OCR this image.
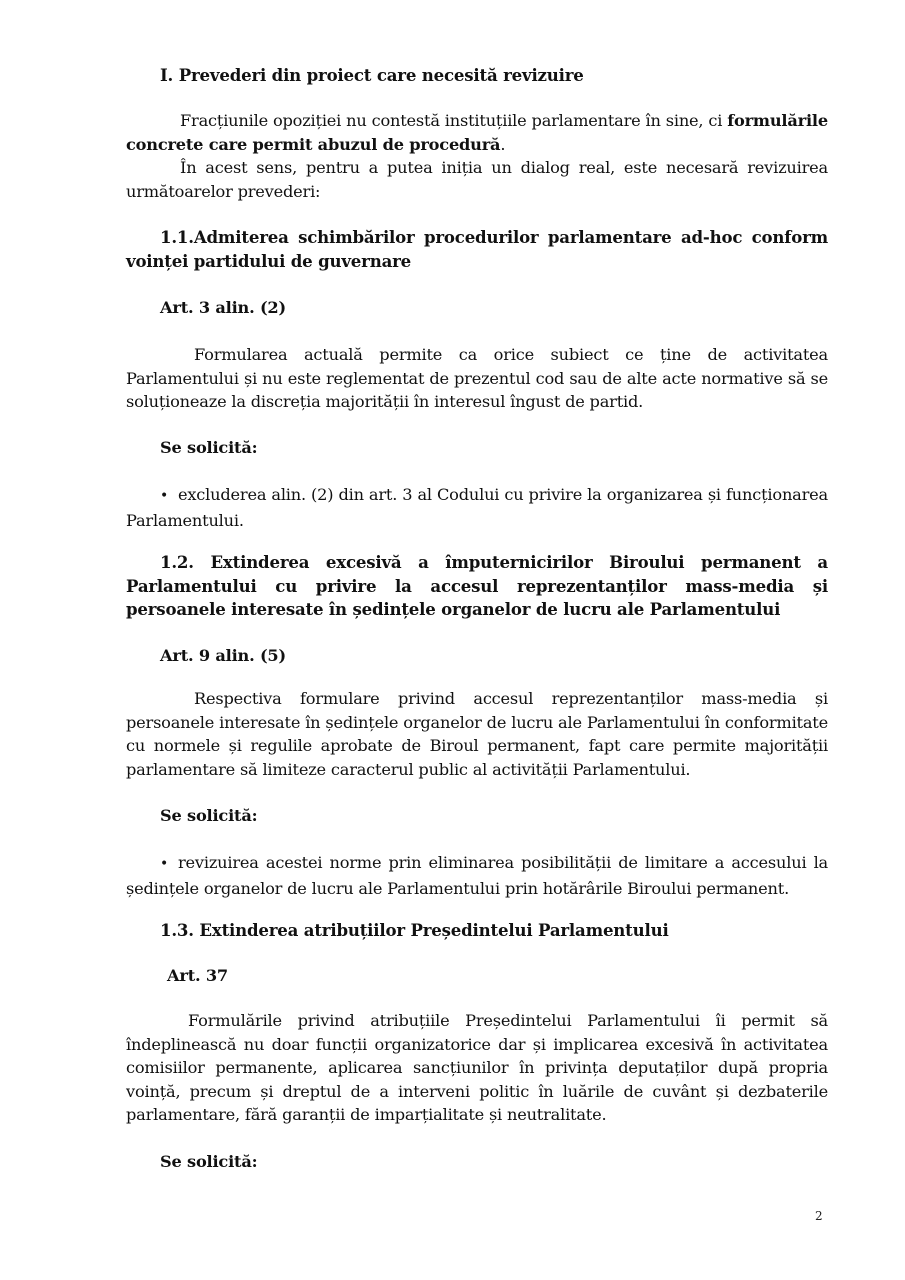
I. Prevederi din proiect care necesită revizuire
Fracțiunile opoziției nu contestă instituțiile parlamentare în sine, ci formulările concrete care permit abuzul de procedură.
În acest sens, pentru a putea iniția un dialog real, este necesară revizuirea următoarelor prevederi:
1.1.Admiterea schimbărilor procedurilor parlamentare ad-hoc conform voinței partidului de guvernare
Art. 3 alin. (2)
Formularea actuală permite ca orice subiect ce ține de activitatea Parlamentului și nu este reglementat de prezentul cod sau de alte acte normative să se soluționeaze la discreția majorității în interesul îngust de partid.
Se solicită:
• excluderea alin. (2) din art. 3 al Codului cu privire la organizarea și funcționarea Parlamentului.
1.2. Extinderea excesivă a împuternicirilor Biroului permanent a Parlamentului cu privire la accesul reprezentanților mass-media și persoanele interesate în ședințele organelor de lucru ale Parlamentului
Art. 9 alin. (5)
Respectiva formulare privind accesul reprezentanților mass-media și persoanele interesate în ședințele organelor de lucru ale Parlamentului în conformitate cu normele și regulile aprobate de Biroul permanent, fapt care permite majorității parlamentare să limiteze caracterul public al activității Parlamentului.
Se solicită:
• revizuirea acestei norme prin eliminarea posibilității de limitare a accesului la ședințele organelor de lucru ale Parlamentului prin hotărârile Biroului permanent.
1.3. Extinderea atribuțiilor Președintelui Parlamentului
Art. 37
Formulările privind atribuțiile Președintelui Parlamentului îi permit să îndeplinească nu doar funcții organizatorice dar și implicarea excesivă în activitatea comisiilor permanente, aplicarea sancțiunilor în privința deputaților după propria voință, precum și dreptul de a interveni politic în luările de cuvânt și dezbaterile parlamentare, fără garanții de imparțialitate și neutralitate.
Se solicită:
2
